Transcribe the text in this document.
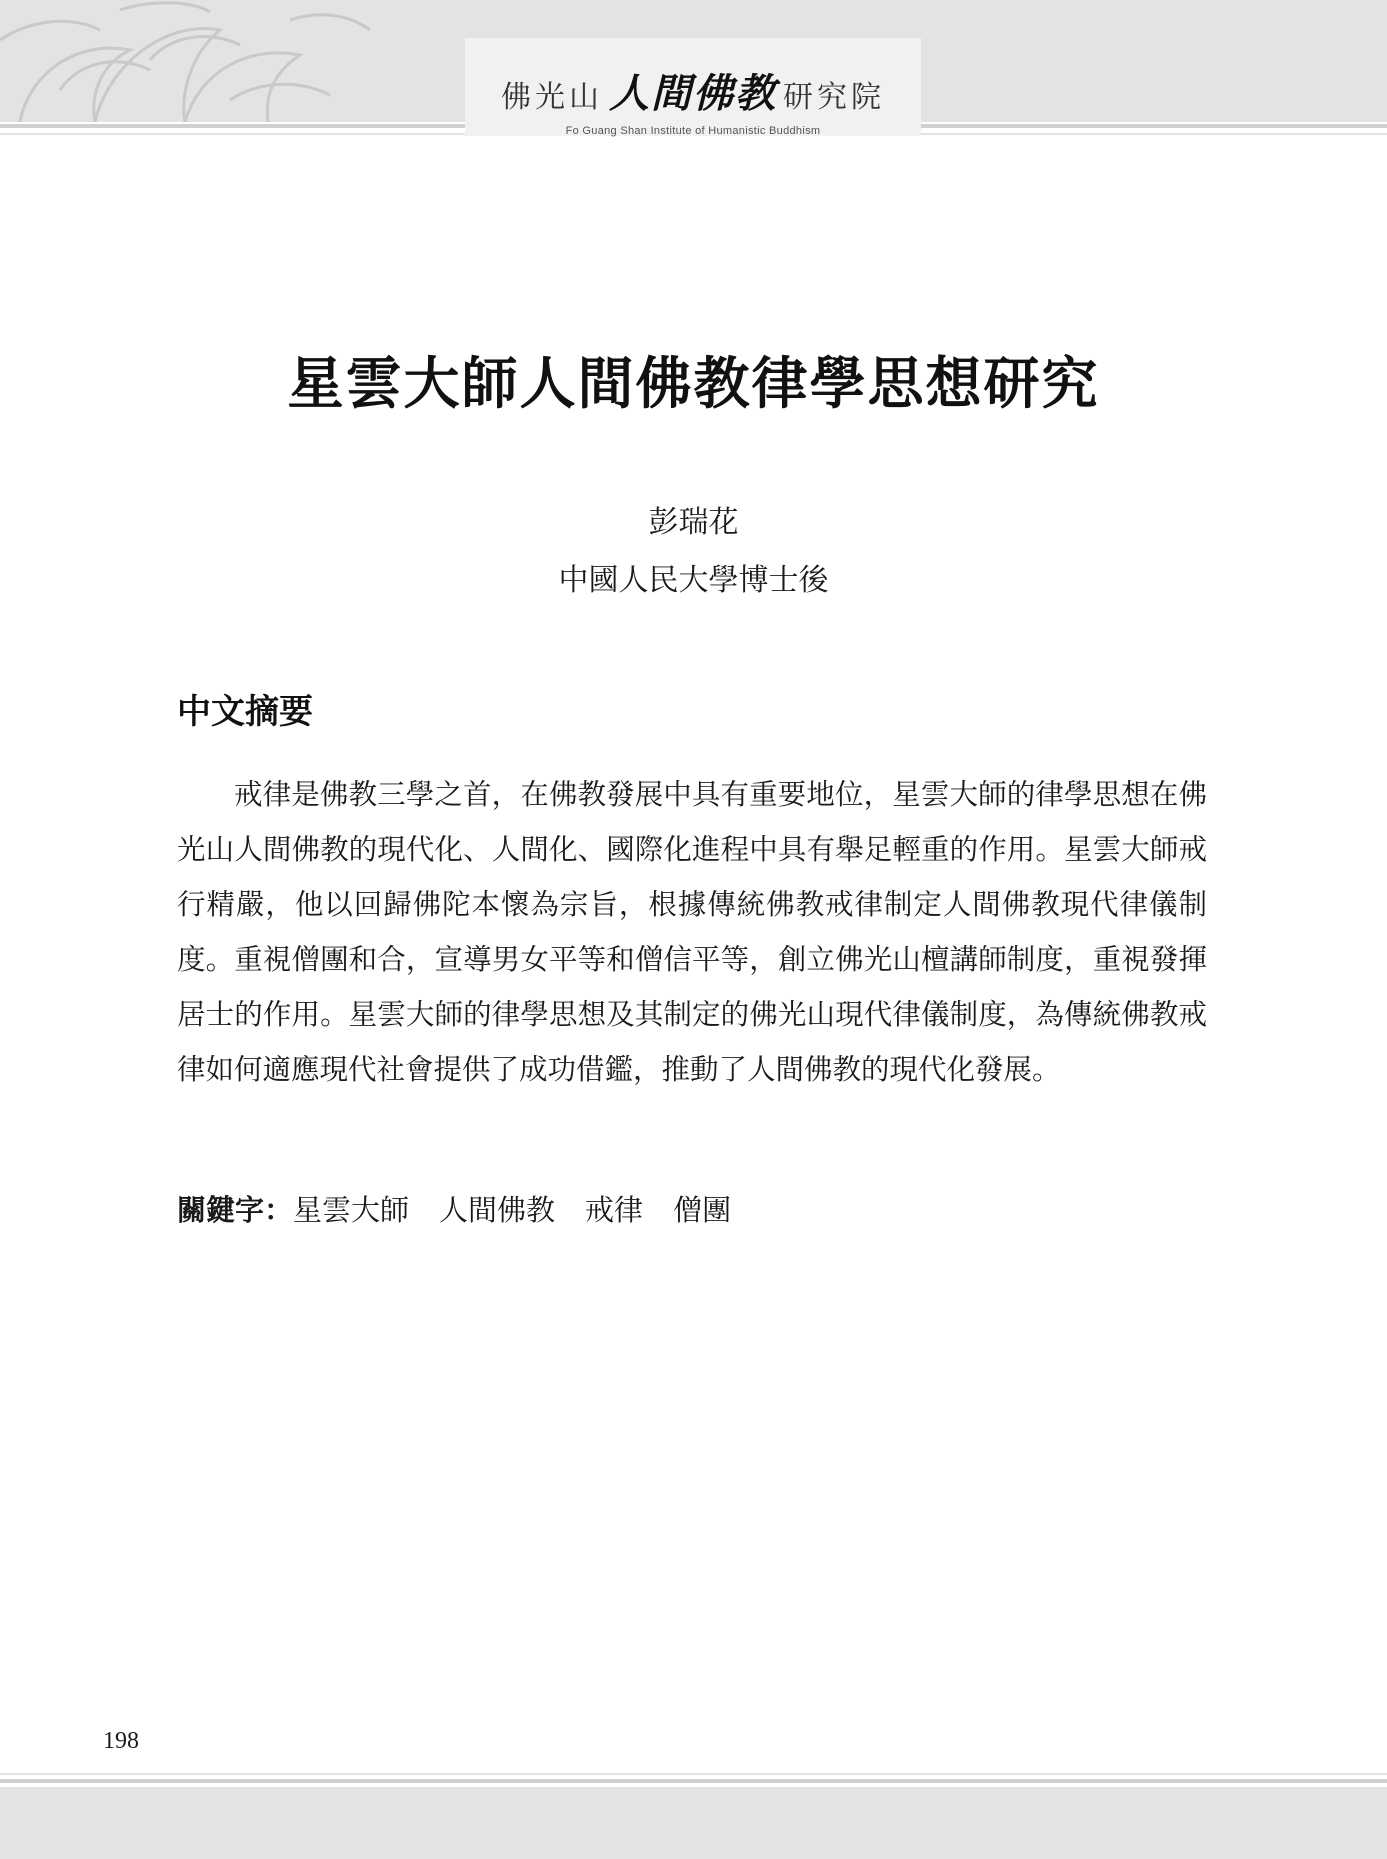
佛光山 人間佛教 研究院
Fo Guang Shan Institute of Humanistic Buddhism
星雲大師人間佛教律學思想研究

彭瑞花

中國人民大學博士後

中文摘要

戒律是佛教三學之首，在佛教發展中具有重要地位，星雲大師的律學思想在佛光山人間佛教的現代化、人間化、國際化進程中具有舉足輕重的作用。星雲大師戒行精嚴，他以回歸佛陀本懷為宗旨，根據傳統佛教戒律制定人間佛教現代律儀制度。重視僧團和合，宣導男女平等和僧信平等，創立佛光山檀講師制度，重視發揮居士的作用。星雲大師的律學思想及其制定的佛光山現代律儀制度，為傳統佛教戒律如何適應現代社會提供了成功借鑑，推動了人間佛教的現代化發展。

關鍵字：星雲大師 人間佛教 戒律 僧團

198
